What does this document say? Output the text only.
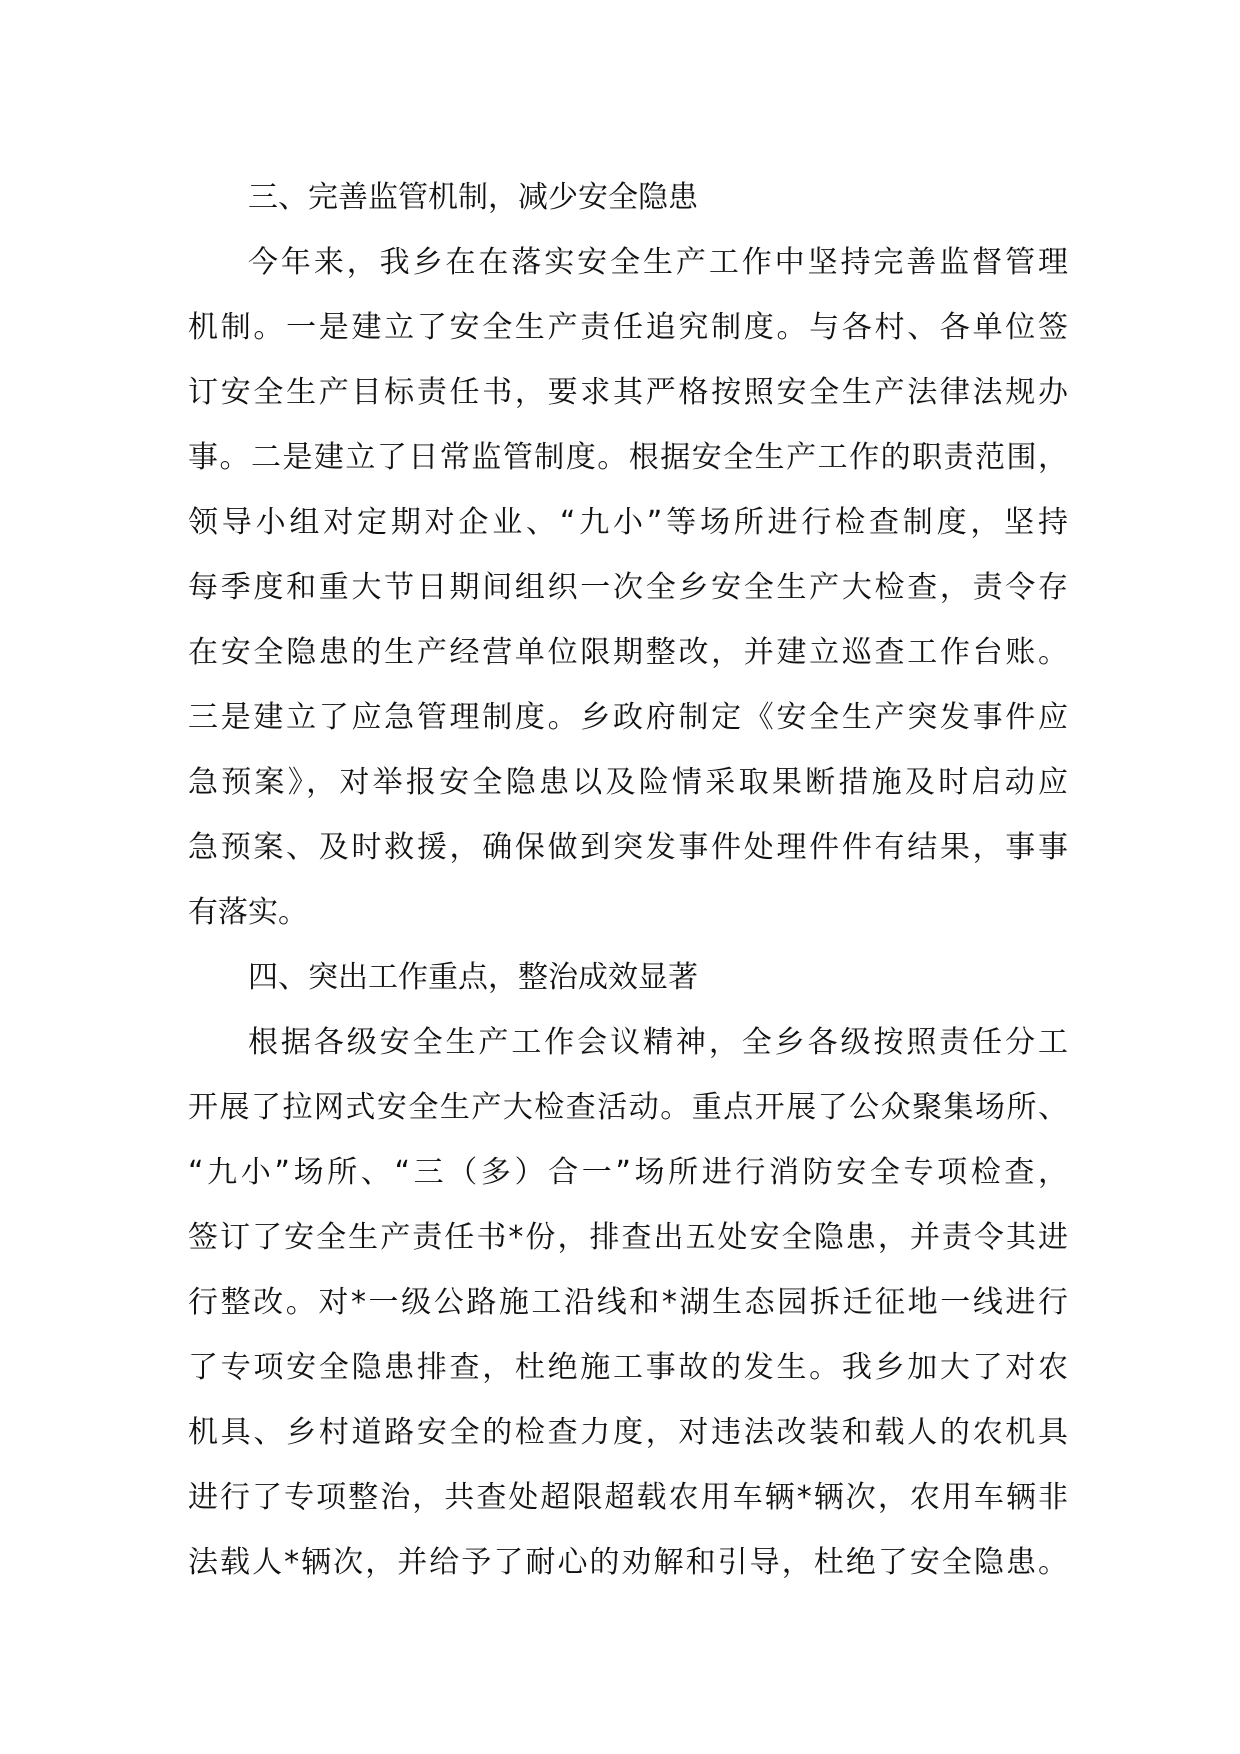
三、完善监管机制，减少安全隐患
今年来，我乡在在落实安全生产工作中坚持完善监督管理
机制。一是建立了安全生产责任追究制度。与各村、各单位签
订安全生产目标责任书，要求其严格按照安全生产法律法规办
事。二是建立了日常监管制度。根据安全生产工作的职责范围，
领导小组对定期对企业、“九小”等场所进行检查制度，坚持
每季度和重大节日期间组织一次全乡安全生产大检查，责令存
在安全隐患的生产经营单位限期整改，并建立巡查工作台账。
三是建立了应急管理制度。乡政府制定《安全生产突发事件应
急预案》，对举报安全隐患以及险情采取果断措施及时启动应
急预案、及时救援，确保做到突发事件处理件件有结果，事事
有落实。
四、突出工作重点，整治成效显著
根据各级安全生产工作会议精神，全乡各级按照责任分工
开展了拉网式安全生产大检查活动。重点开展了公众聚集场所、
“九小”场所、“三（多）合一”场所进行消防安全专项检查，
签订了安全生产责任书*份，排查出五处安全隐患，并责令其进
行整改。对*一级公路施工沿线和*湖生态园拆迁征地一线进行
了专项安全隐患排查，杜绝施工事故的发生。我乡加大了对农
机具、乡村道路安全的检查力度，对违法改装和载人的农机具
进行了专项整治，共查处超限超载农用车辆*辆次，农用车辆非
法载人*辆次，并给予了耐心的劝解和引导，杜绝了安全隐患。
